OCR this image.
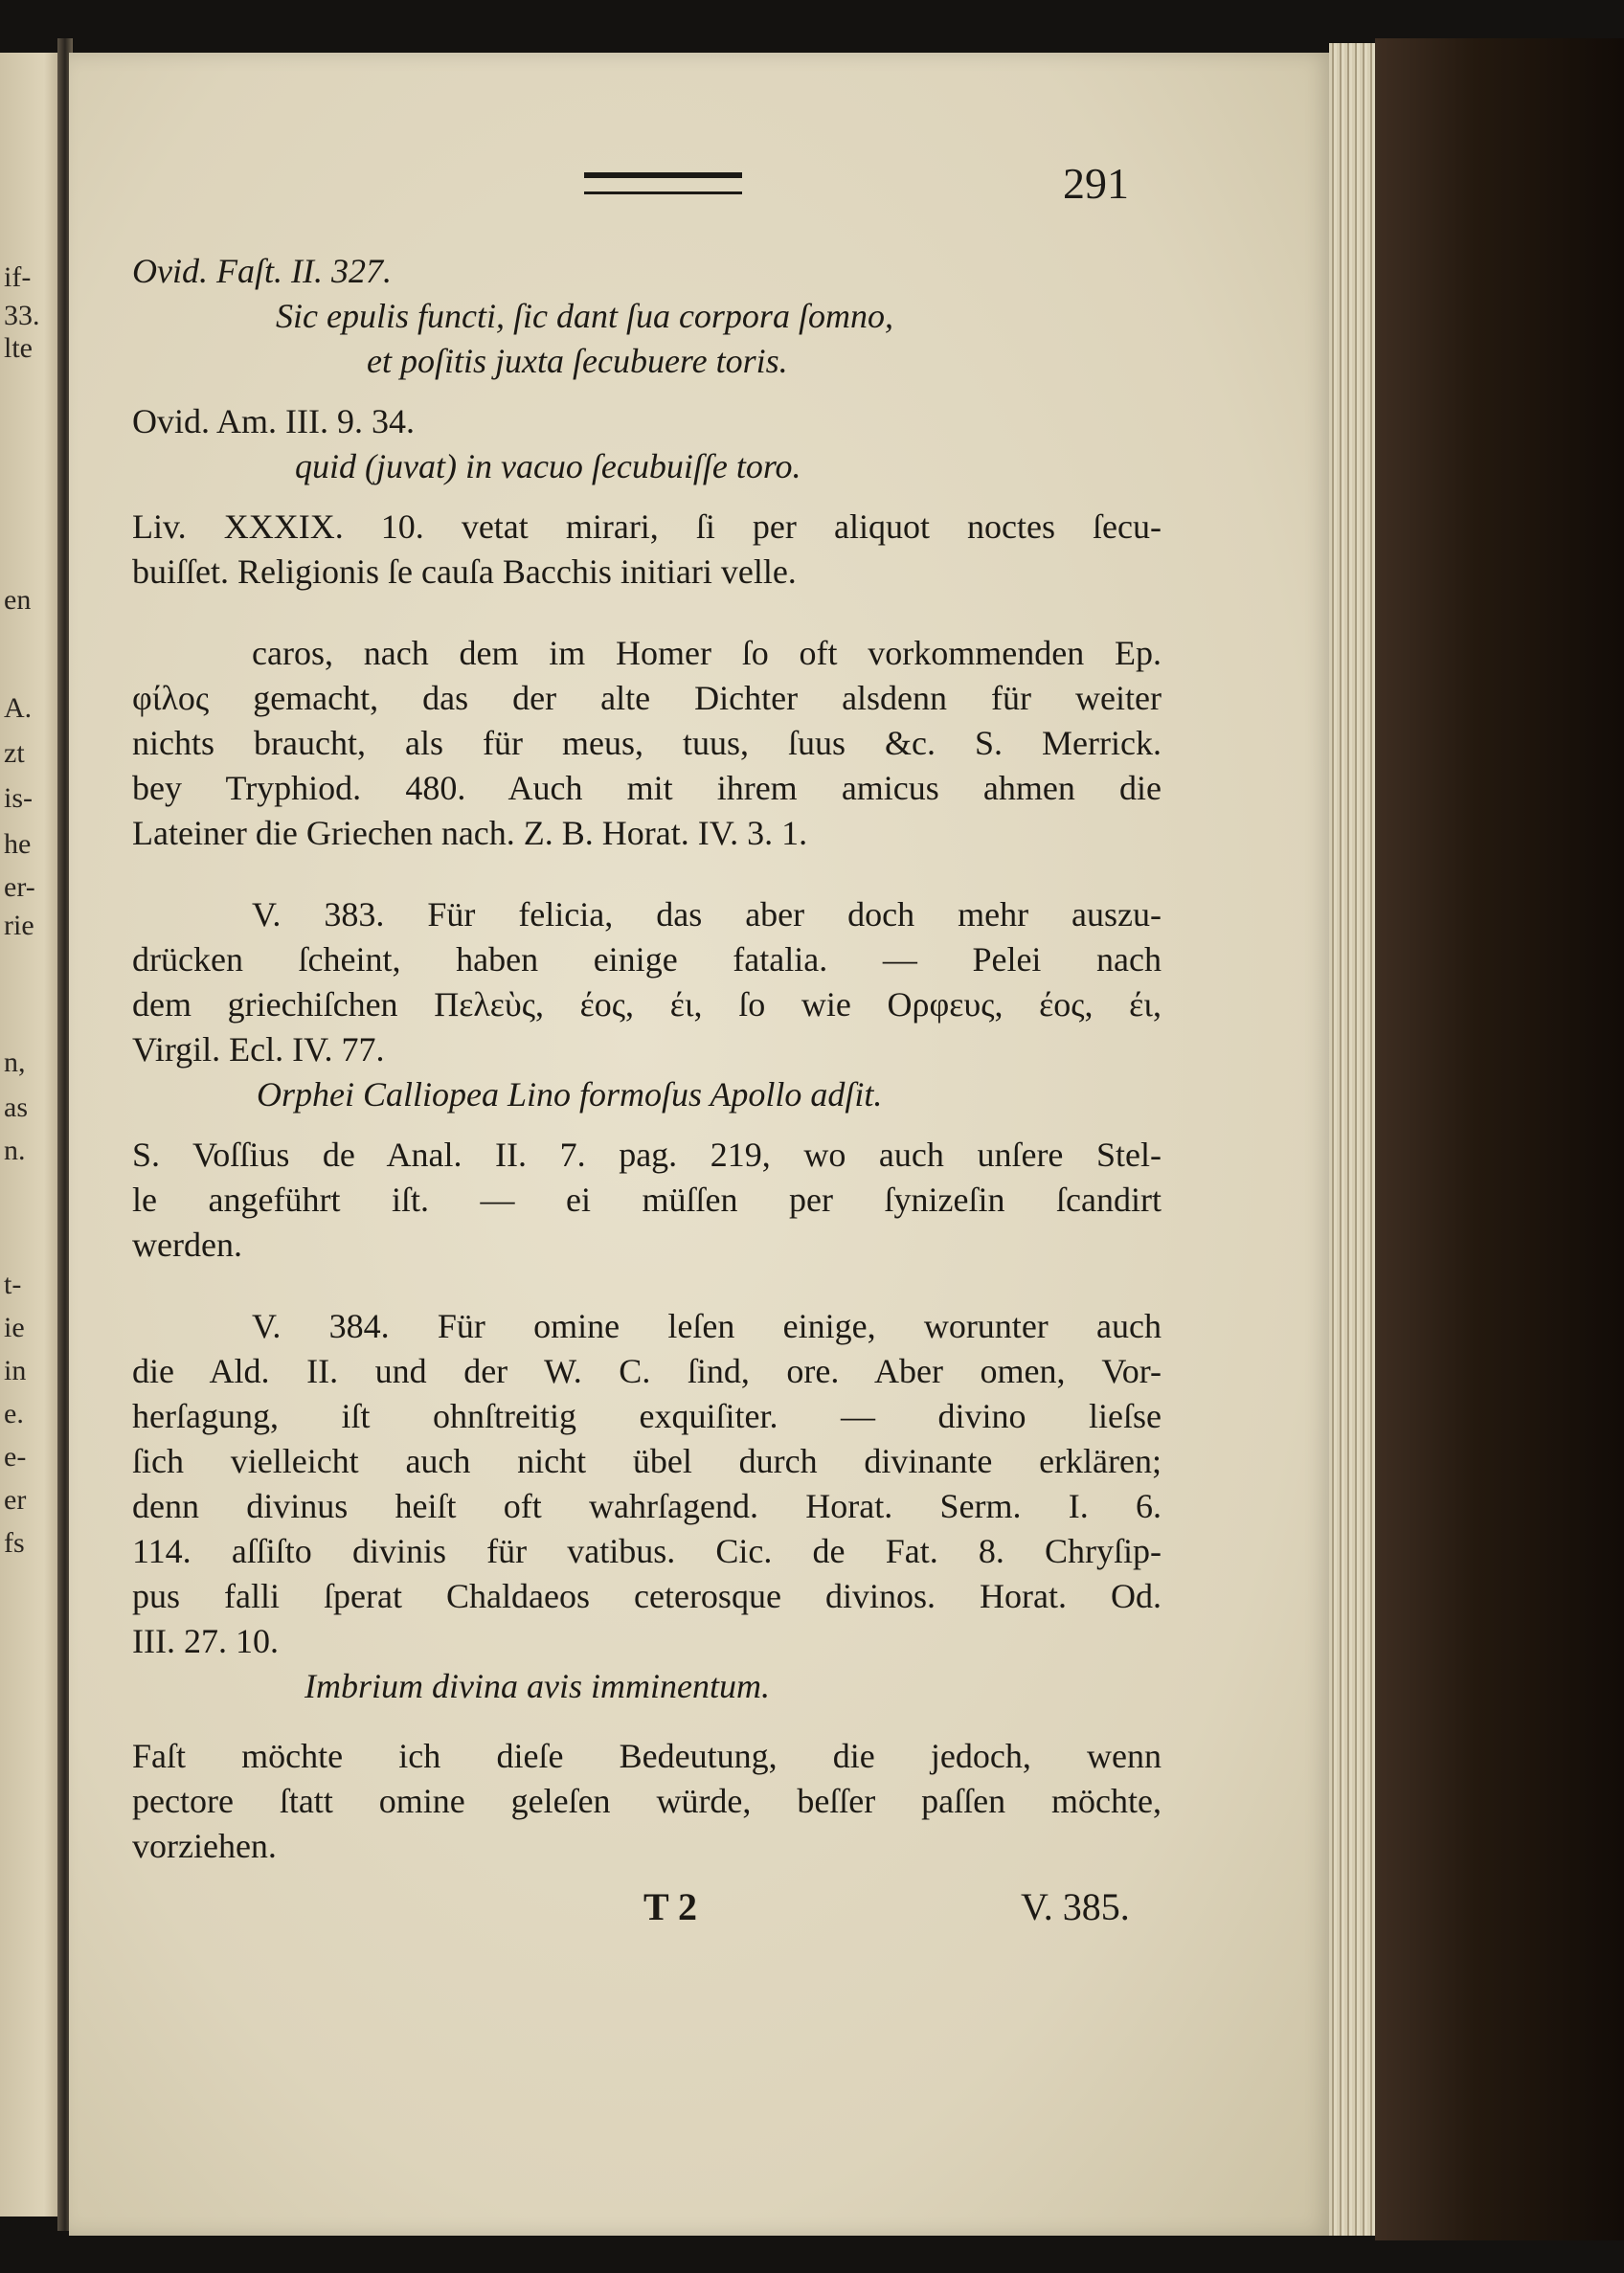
if-
33.
lte
en
A.
zt
is-
he
er-
rie
n,
as
n.
t-
ie
in
e.
e-
er
fs
291

Ovid. Faſt. II. 327.
Sic epulis functi, ſic dant ſua corpora ſomno,
et poſitis juxta ſecubuere toris.

Ovid. Am. III. 9. 34.
quid (juvat) in vacuo ſecubuiſſe toro.

Liv. XXXIX. 10. vetat mirari, ſi per aliquot noctes ſecu-
buiſſet. Religionis ſe cauſa Bacchis initiari velle.

caros, nach dem im Homer ſo oft vorkommenden Ep.
φίλος gemacht, das der alte Dichter alsdenn für weiter
nichts braucht, als für meus, tuus, ſuus &c. S. Merrick.
bey Tryphiod. 480. Auch mit ihrem amicus ahmen die
Lateiner die Griechen nach. Z. B. Horat. IV. 3. 1.

V. 383. Für felicia, das aber doch mehr auszu-
drücken ſcheint, haben einige fatalia. — Pelei nach
dem griechiſchen Πελεὺς, έος, έι, ſo wie Ορφευς, έος, έι,
Virgil. Ecl. IV. 77.
Orphei Calliopea Lino formoſus Apollo adſit.

S. Voſſius de Anal. II. 7. pag. 219, wo auch unſere Stel-
le angeführt iſt. — ei müſſen per ſynizeſin ſcandirt
werden.

V. 384. Für omine leſen einige, worunter auch
die Ald. II. und der W. C. ſind, ore. Aber omen, Vor-
herſagung, iſt ohnſtreitig exquiſiter. — divino lieſse
ſich vielleicht auch nicht übel durch divinante erklären;
denn divinus heiſt oft wahrſagend. Horat. Serm. I. 6.
114. aſſiſto divinis für vatibus. Cic. de Fat. 8. Chryſip-
pus falli ſperat Chaldaeos ceterosque divinos. Horat. Od.
III. 27. 10.
Imbrium divina avis imminentum.

Faſt möchte ich dieſe Bedeutung, die jedoch, wenn
pectore ſtatt omine geleſen würde, beſſer paſſen möchte,
vorziehen.

T 2	V. 385.
